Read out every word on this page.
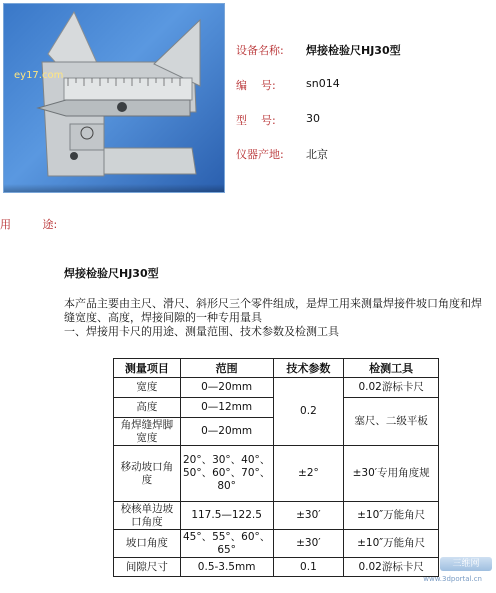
ey17.com
设备名称:	焊接检验尺HJ30型
编    号:	sn014
型    号:	30
仪器产地:	北京
用	途:
焊接检验尺HJ30型
本产品主要由主尺、滑尺、斜形尺三个零件组成，是焊工用来测量焊接件坡口角度和焊缝宽度、高度，焊接间隙的一种专用量具
一、焊接用卡尺的用途、测量范围、技术参数及检测工具
测量项目	范围	技术参数	检测工具
宽度	0—20mm	0.2	0.02游标卡尺
高度	0—12mm		塞尺、二级平板
角焊缝焊脚宽度	0—20mm		
移动坡口角度	20°、30°、40°、50°、60°、70°、80°	±2°	±30′专用角度规
校核单边坡口角度	117.5—122.5	±30′	±10″万能角尺
坡口角度	45°、55°、60°、65°	±30′	±10″万能角尺
间隙尺寸	0.5-3.5mm	0.1	0.02游标卡尺	三维网
www.3dportal.cn
